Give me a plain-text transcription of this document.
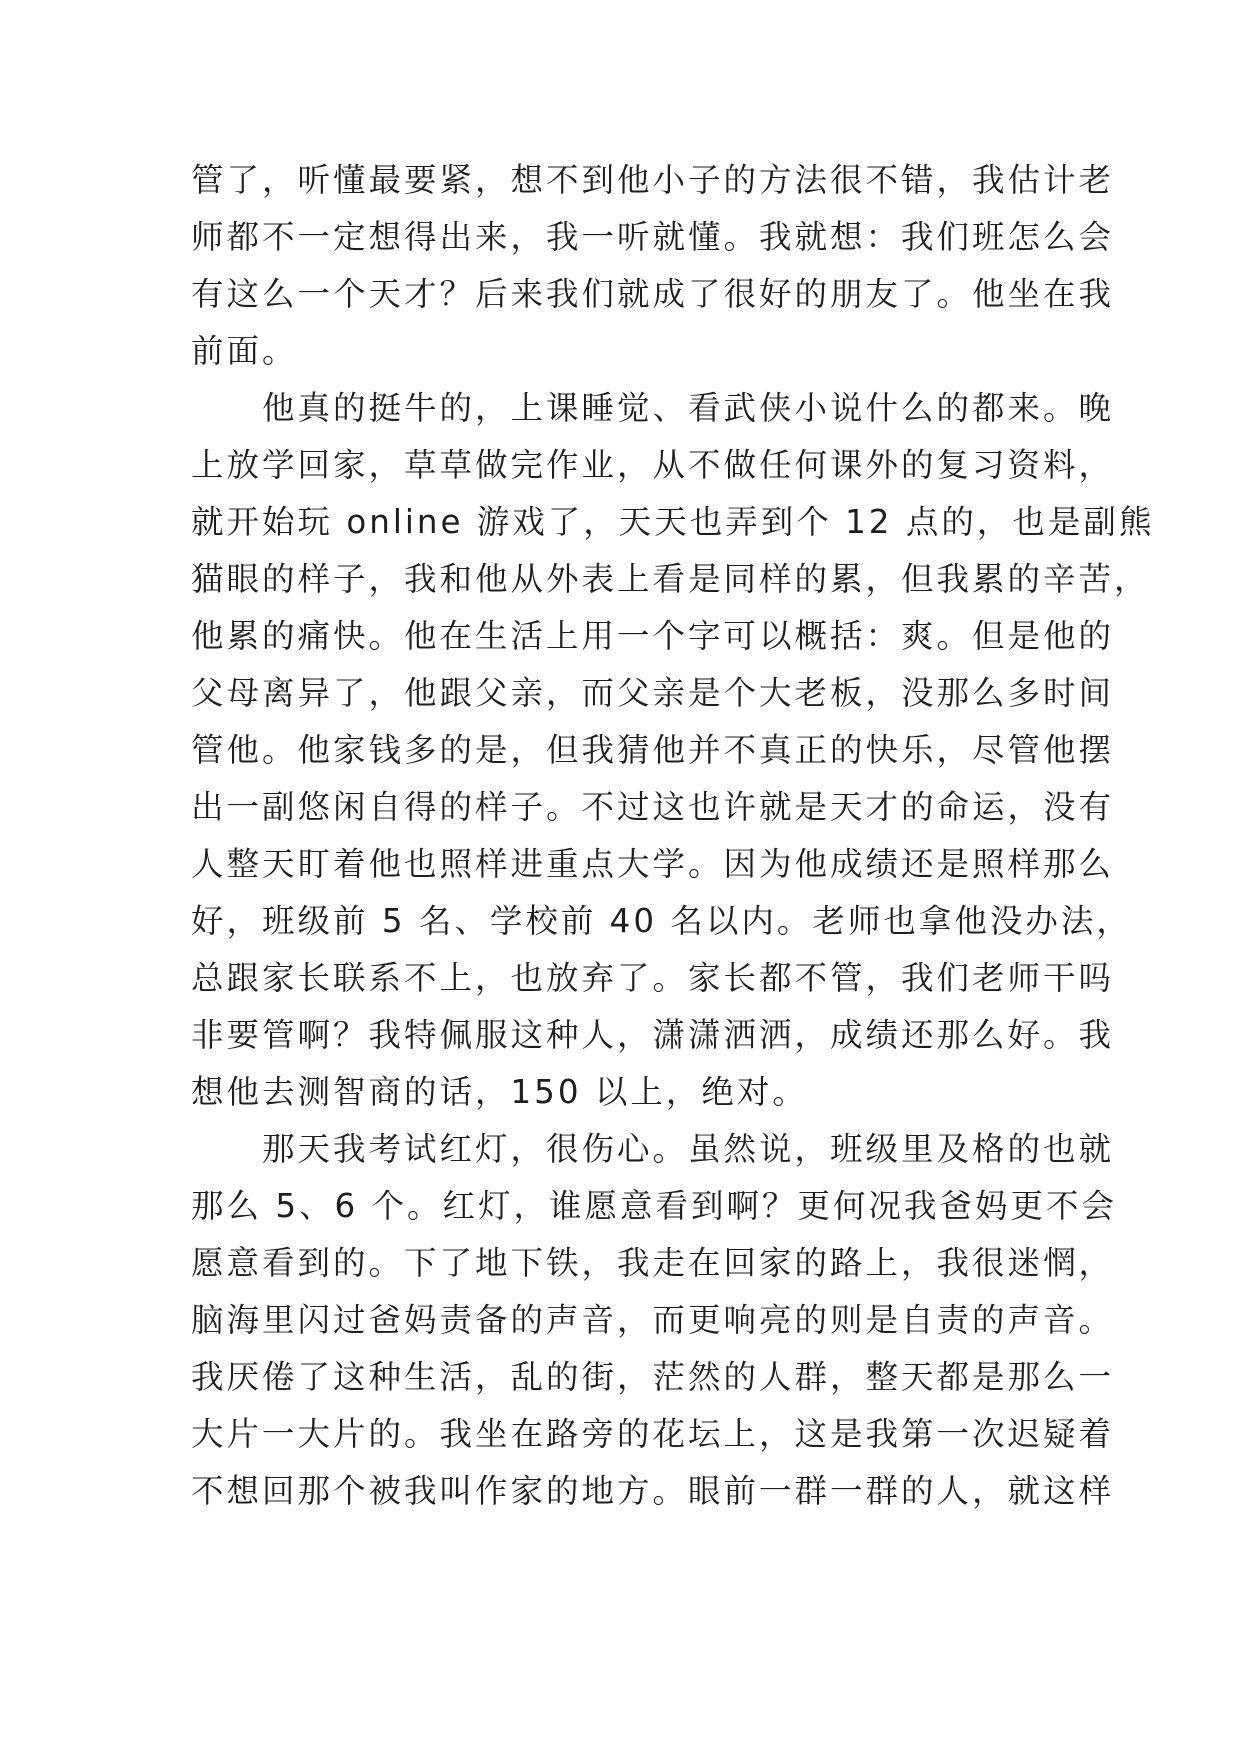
管了，听懂最要紧，想不到他小子的方法很不错，我估计老
师都不一定想得出来，我一听就懂。我就想：我们班怎么会
有这么一个天才？后来我们就成了很好的朋友了。他坐在我
前面。
　　他真的挺牛的，上课睡觉、看武侠小说什么的都来。晚
上放学回家，草草做完作业，从不做任何课外的复习资料，
就开始玩 online 游戏了，天天也弄到个 12 点的，也是副熊
猫眼的样子，我和他从外表上看是同样的累，但我累的辛苦，
他累的痛快。他在生活上用一个字可以概括：爽。但是他的
父母离异了，他跟父亲，而父亲是个大老板，没那么多时间
管他。他家钱多的是，但我猜他并不真正的快乐，尽管他摆
出一副悠闲自得的样子。不过这也许就是天才的命运，没有
人整天盯着他也照样进重点大学。因为他成绩还是照样那么
好，班级前 5 名、学校前 40 名以内。老师也拿他没办法，
总跟家长联系不上，也放弃了。家长都不管，我们老师干吗
非要管啊？我特佩服这种人，潇潇洒洒，成绩还那么好。我
想他去测智商的话，150 以上，绝对。
　　那天我考试红灯，很伤心。虽然说，班级里及格的也就
那么 5、6 个。红灯，谁愿意看到啊？更何况我爸妈更不会
愿意看到的。下了地下铁，我走在回家的路上，我很迷惘，
脑海里闪过爸妈责备的声音，而更响亮的则是自责的声音。
我厌倦了这种生活，乱的街，茫然的人群，整天都是那么一
大片一大片的。我坐在路旁的花坛上，这是我第一次迟疑着
不想回那个被我叫作家的地方。眼前一群一群的人，就这样
